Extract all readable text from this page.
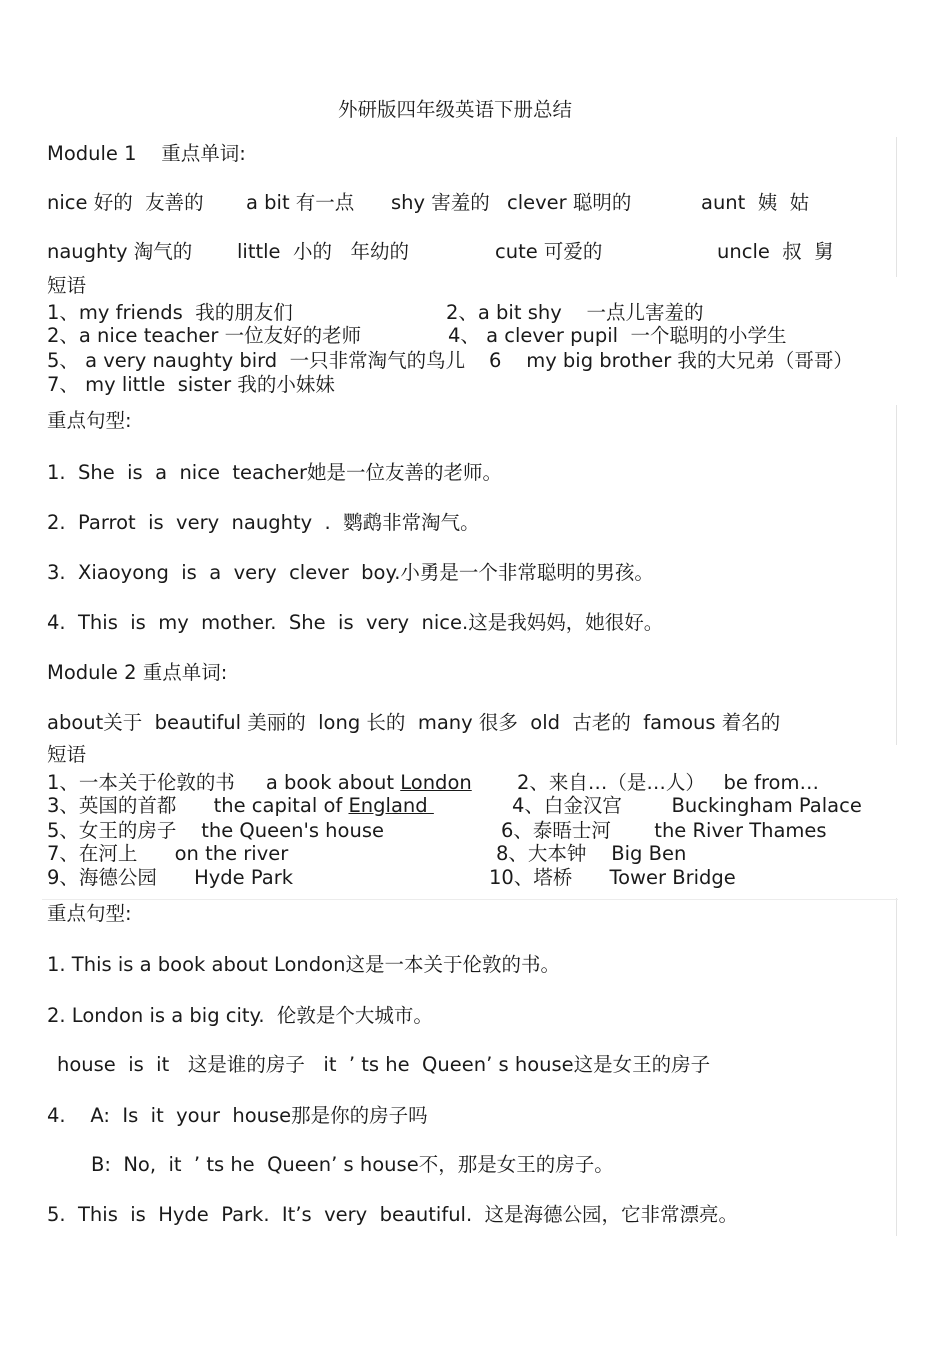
外研版四年级英语下册总结
Module 1    重点单词:
nice 好的  友善的 a bit 有一点 shy 害羞的 clever 聪明的	aunt  姨  姑
naughty 淘气的 little  小的   年幼的	cute 可爱的	uncle  叔  舅
短语
1、my friends  我的朋友们	2、a bit shy    一点儿害羞的
2、a nice teacher 一位友好的老师	4、 a clever pupil  一个聪明的小学生
5、 a very naughty bird  一只非常淘气的鸟儿 6    my big brother 我的大兄弟（哥哥）
7、 my little  sister 我的小妹妹
重点句型:
1.  She  is  a  nice  teacher她是一位友善的老师。
2.  Parrot  is  very  naughty  .  鹦鹉非常淘气。
3.  Xiaoyong  is  a  very  clever  boy.小勇是一个非常聪明的男孩。
4.  This  is  my  mother.  She  is  very  nice.这是我妈妈，她很好。
Module 2 重点单词:
about关于  beautiful 美丽的  long 长的  many 很多  old  古老的  famous 着名的
短语
1、一本关于伦敦的书     a book about London 2、来自…（是…人）   be from…
3、英国的首都      the capital of England	4、白金汉宫        Buckingham Palace
5、女王的房子    the Queen's house	6、泰晤士河       the River Thames
7、在河上      on the river	8、大本钟    Big Ben
9、海德公园      Hyde Park	10、塔桥      Tower Bridge
重点句型:
1. This is a book about London这是一本关于伦敦的书。
2. London is a big city.  伦敦是个大城市。
house  is  it   这是谁的房子   it  ’ ts he  Queen’ s house这是女王的房子
4.    A:  Is  it  your  house那是你的房子吗
B:  No,  it  ’ ts he  Queen’ s house不，那是女王的房子。
5.  This  is  Hyde  Park.  It’s  very  beautiful.  这是海德公园，它非常漂亮。
